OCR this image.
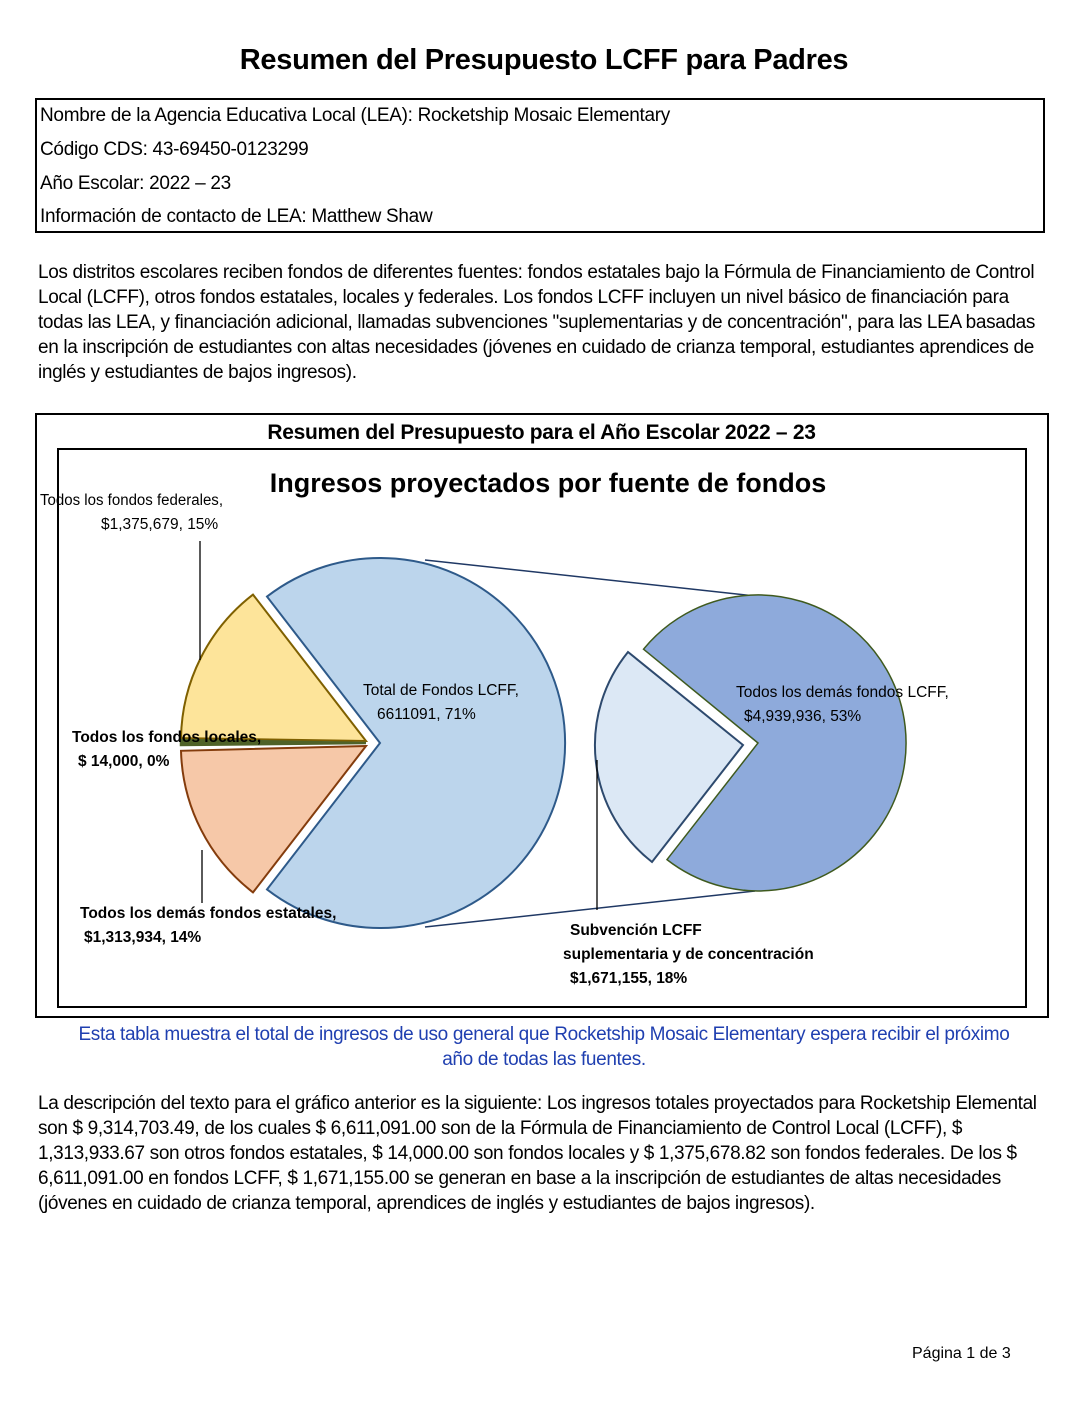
Resumen del Presupuesto LCFF para Padres
Nombre de la Agencia Educativa Local (LEA): Rocketship Mosaic Elementary
Código CDS: 43-69450-0123299
Año Escolar: 2022 – 23
Información de contacto de LEA: Matthew Shaw
Los distritos escolares reciben fondos de diferentes fuentes: fondos estatales bajo la Fórmula de Financiamiento de Control Local (LCFF), otros fondos estatales, locales y federales. Los fondos LCFF incluyen un nivel básico de financiación para todas las LEA, y financiación adicional, llamadas subvenciones "suplementarias y de concentración", para las LEA basadas en la inscripción de estudiantes con altas necesidades (jóvenes en cuidado de crianza temporal, estudiantes aprendices de inglés y estudiantes de bajos ingresos).
Resumen del Presupuesto para el Año Escolar 2022 – 23
Ingresos proyectados por fuente de fondos
Todos los fondos federales,
$1,375,679, 15%
Total de Fondos LCFF,
6611091, 71%
Todos los fondos locales,
$ 14,000, 0%
Todos los demás fondos estatales,
$1,313,934, 14%
Todos los demás fondos LCFF,
$4,939,936, 53%
Subvención LCFF
suplementaria y de concentración
$1,671,155, 18%
Esta tabla muestra el total de ingresos de uso general que Rocketship Mosaic Elementary espera recibir el próximo año de todas las fuentes.
La descripción del texto para el gráfico anterior es la siguiente: Los ingresos totales proyectados para Rocketship Elemental son $ 9,314,703.49, de los cuales $ 6,611,091.00 son de la Fórmula de Financiamiento de Control Local (LCFF), $ 1,313,933.67 son otros fondos estatales, $ 14,000.00 son fondos locales y $ 1,375,678.82 son fondos federales. De los $ 6,611,091.00 en fondos LCFF, $ 1,671,155.00 se generan en base a la inscripción de estudiantes de altas necesidades (jóvenes en cuidado de crianza temporal, aprendices de inglés y estudiantes de bajos ingresos).
Página 1 de 3
